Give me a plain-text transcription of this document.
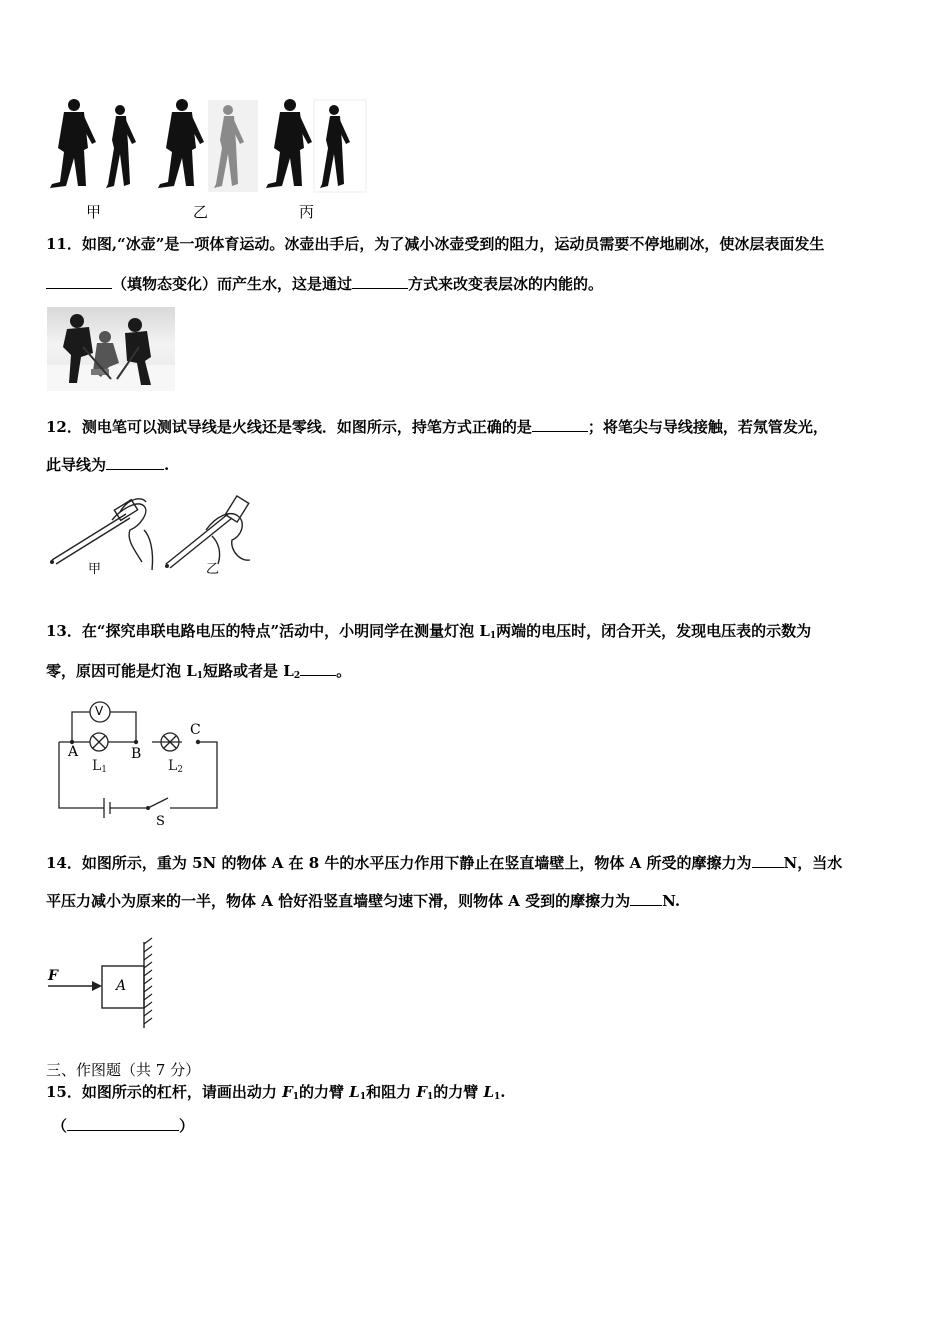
甲	乙	丙
11．如图,“冰壶”是一项体育运动。冰壶出手后，为了减小冰壶受到的阻力，运动员需要不停地刷冰，使冰层表面发生
（填物态变化）而产生水，这是通过	方式来改变表层冰的内能的。
12．测电笔可以测试导线是火线还是零线．如图所示，持笔方式正确的是	；将笔尖与导线接触，若氖管发光，
此导线为	.
甲	乙
13．在“探究串联电路电压的特点”活动中，小明同学在测量灯泡 $L_1$两端的电压时，闭合开关，发现电压表的示数为
零，原因可能是灯泡 $L_1$短路或者是 $L_2$ 。
V
A	B
C
$L_1$	$L_2$
S
14．如图所示，重为 5N 的物体 A 在 8 牛的水平压力作用下静止在竖直墙壁上，物体 A 所受的摩擦力为 N，当水
平压力减小为原来的一半，物体 A 恰好沿竖直墙壁匀速下滑，则物体 A 受到的摩擦力为 N.
F
A
三、作图题（共 7 分）
15．如图所示的杠杆，请画出动力 $F_1$的力臂 $L_1$和阻力 $F_1$的力臂 $L_1$.
（	）
